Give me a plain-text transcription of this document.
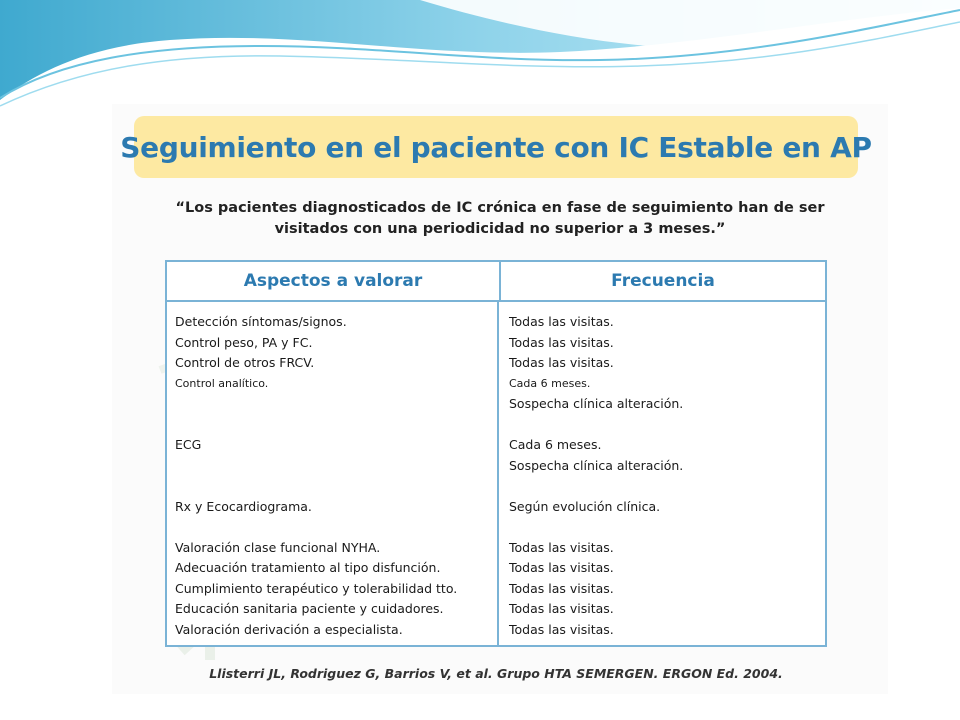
Seguimiento en el paciente con IC Estable en AP
“Los pacientes diagnosticados de IC crónica en fase de seguimiento han de ser
visitados con una periodicidad no superior a 3 meses.”
Aspectos a valorar	Frecuencia
Detección síntomas/signos.
Control peso, PA y FC.
Control de otros FRCV.
Control analítico.
ECG
Rx y Ecocardiograma.
Valoración clase funcional NYHA.
Adecuación tratamiento al tipo disfunción.
Cumplimiento terapéutico y tolerabilidad tto.
Educación sanitaria paciente y cuidadores.
Valoración derivación a especialista.
Todas las visitas.
Todas las visitas.
Todas las visitas.
Cada 6 meses.
Sospecha clínica alteración.
Cada 6 meses.
Sospecha clínica alteración.
Según evolución clínica.
Todas las visitas.
Todas las visitas.
Todas las visitas.
Todas las visitas.
Todas las visitas.
Llisterri JL, Rodriguez G, Barrios V, et al. Grupo HTA SEMERGEN. ERGON Ed. 2004.
